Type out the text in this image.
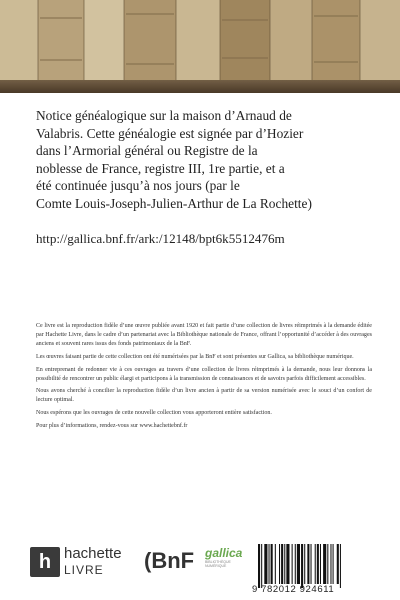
Notice généalogique sur la maison d’Arnaud de
Valabris. Cette généalogie est signée par d’Hozier
dans l’Armorial général ou Registre de la
noblesse de France, registre III, 1re partie, et a
été continuée jusqu’à nos jours (par le
Comte Louis-Joseph-Julien-Arthur de La Rochette)
http://gallica.bnf.fr/ark:/12148/bpt6k5512476m

Ce livre est la reproduction fidèle d’une œuvre publiée avant 1920 et fait partie d’une collection de livres réimprimés à la demande éditée par Hachette Livre, dans le cadre d’un partenariat avec la Bibliothèque nationale de France, offrant l’opportunité d’accéder à des ouvrages anciens et souvent rares issus des fonds patrimoniaux de la BnF.

Les œuvres faisant partie de cette collection ont été numérisées par la BnF et sont présentes sur Gallica, sa bibliothèque numérique.

En entreprenant de redonner vie à ces ouvrages au travers d’une collection de livres réimprimés à la demande, nous leur donnons la possibilité de rencontrer un public élargi et participons à la transmission de connaissances et de savoirs parfois difficilement accessibles.

Nous avons cherché à concilier la reproduction fidèle d’un livre ancien à partir de sa version numérisée avec le souci d’un confort de lecture optimal.

Nous espérons que les ouvrages de cette nouvelle collection vous apporteront entière satisfaction.

Pour plus d’informations, rendez-vous sur www.hachettebnf.fr

h hachette
LIVRE (BnF gallica
BIBLIOTHÈQUE NUMÉRIQUE
9 782012 924611
